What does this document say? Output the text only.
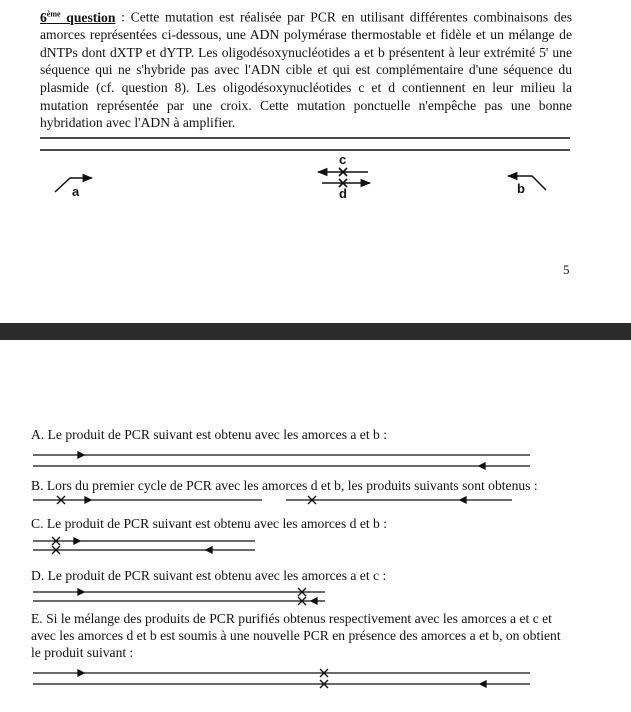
6ème question : Cette mutation est réalisée par PCR en utilisant différentes combinaisons des amorces représentées ci-dessous, une ADN polymérase thermostable et fidèle et un mélange de dNTPs dont dXTP et dYTP. Les oligodésoxynucléotides a et b présentent à leur extrémité 5' une séquence qui ne s'hybride pas avec l'ADN cible et qui est complémentaire d'une séquence du plasmide (cf. question 8). Les oligodésoxynucléotides c et d contiennent en leur milieu la mutation représentée par une croix. Cette mutation ponctuelle n'empêche pas une bonne hybridation avec l'ADN à amplifier.
a	b
c
d
5
A. Le produit de PCR suivant est obtenu avec les amorces a et b :
B. Lors du premier cycle de PCR avec les amorces d et b, les produits suivants sont obtenus :
C. Le produit de PCR suivant est obtenu avec les amorces d et b :
D. Le produit de PCR suivant est obtenu avec les amorces a et c :
E. Si le mélange des produits de PCR purifiés obtenus respectivement avec les amorces a et c et avec les amorces d et b est soumis à une nouvelle PCR en présence des amorces a et b, on obtient le produit suivant :
